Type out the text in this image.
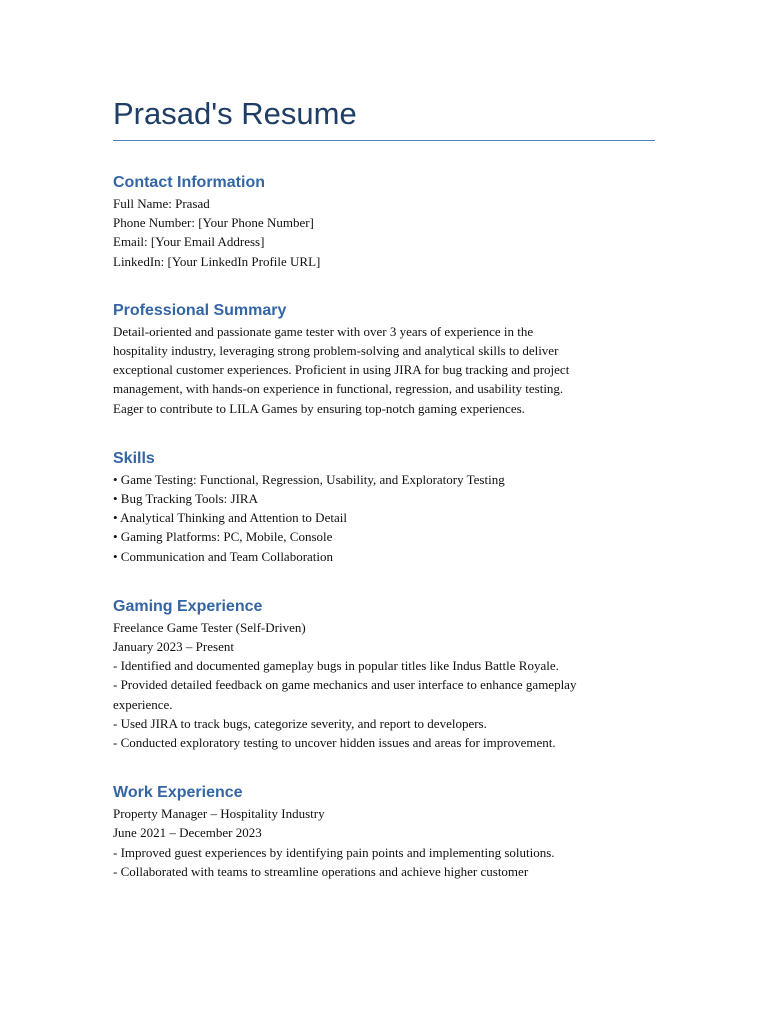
Prasad's Resume
Contact Information
Full Name: Prasad
Phone Number: [Your Phone Number]
Email: [Your Email Address]
LinkedIn: [Your LinkedIn Profile URL]
Professional Summary
Detail-oriented and passionate game tester with over 3 years of experience in the
hospitality industry, leveraging strong problem-solving and analytical skills to deliver
exceptional customer experiences. Proficient in using JIRA for bug tracking and project
management, with hands-on experience in functional, regression, and usability testing.
Eager to contribute to LILA Games by ensuring top-notch gaming experiences.
Skills
• Game Testing: Functional, Regression, Usability, and Exploratory Testing
• Bug Tracking Tools: JIRA
• Analytical Thinking and Attention to Detail
• Gaming Platforms: PC, Mobile, Console
• Communication and Team Collaboration
Gaming Experience
Freelance Game Tester (Self-Driven)
January 2023 – Present
- Identified and documented gameplay bugs in popular titles like Indus Battle Royale.
- Provided detailed feedback on game mechanics and user interface to enhance gameplay
experience.
- Used JIRA to track bugs, categorize severity, and report to developers.
- Conducted exploratory testing to uncover hidden issues and areas for improvement.
Work Experience
Property Manager – Hospitality Industry
June 2021 – December 2023
- Improved guest experiences by identifying pain points and implementing solutions.
- Collaborated with teams to streamline operations and achieve higher customer
